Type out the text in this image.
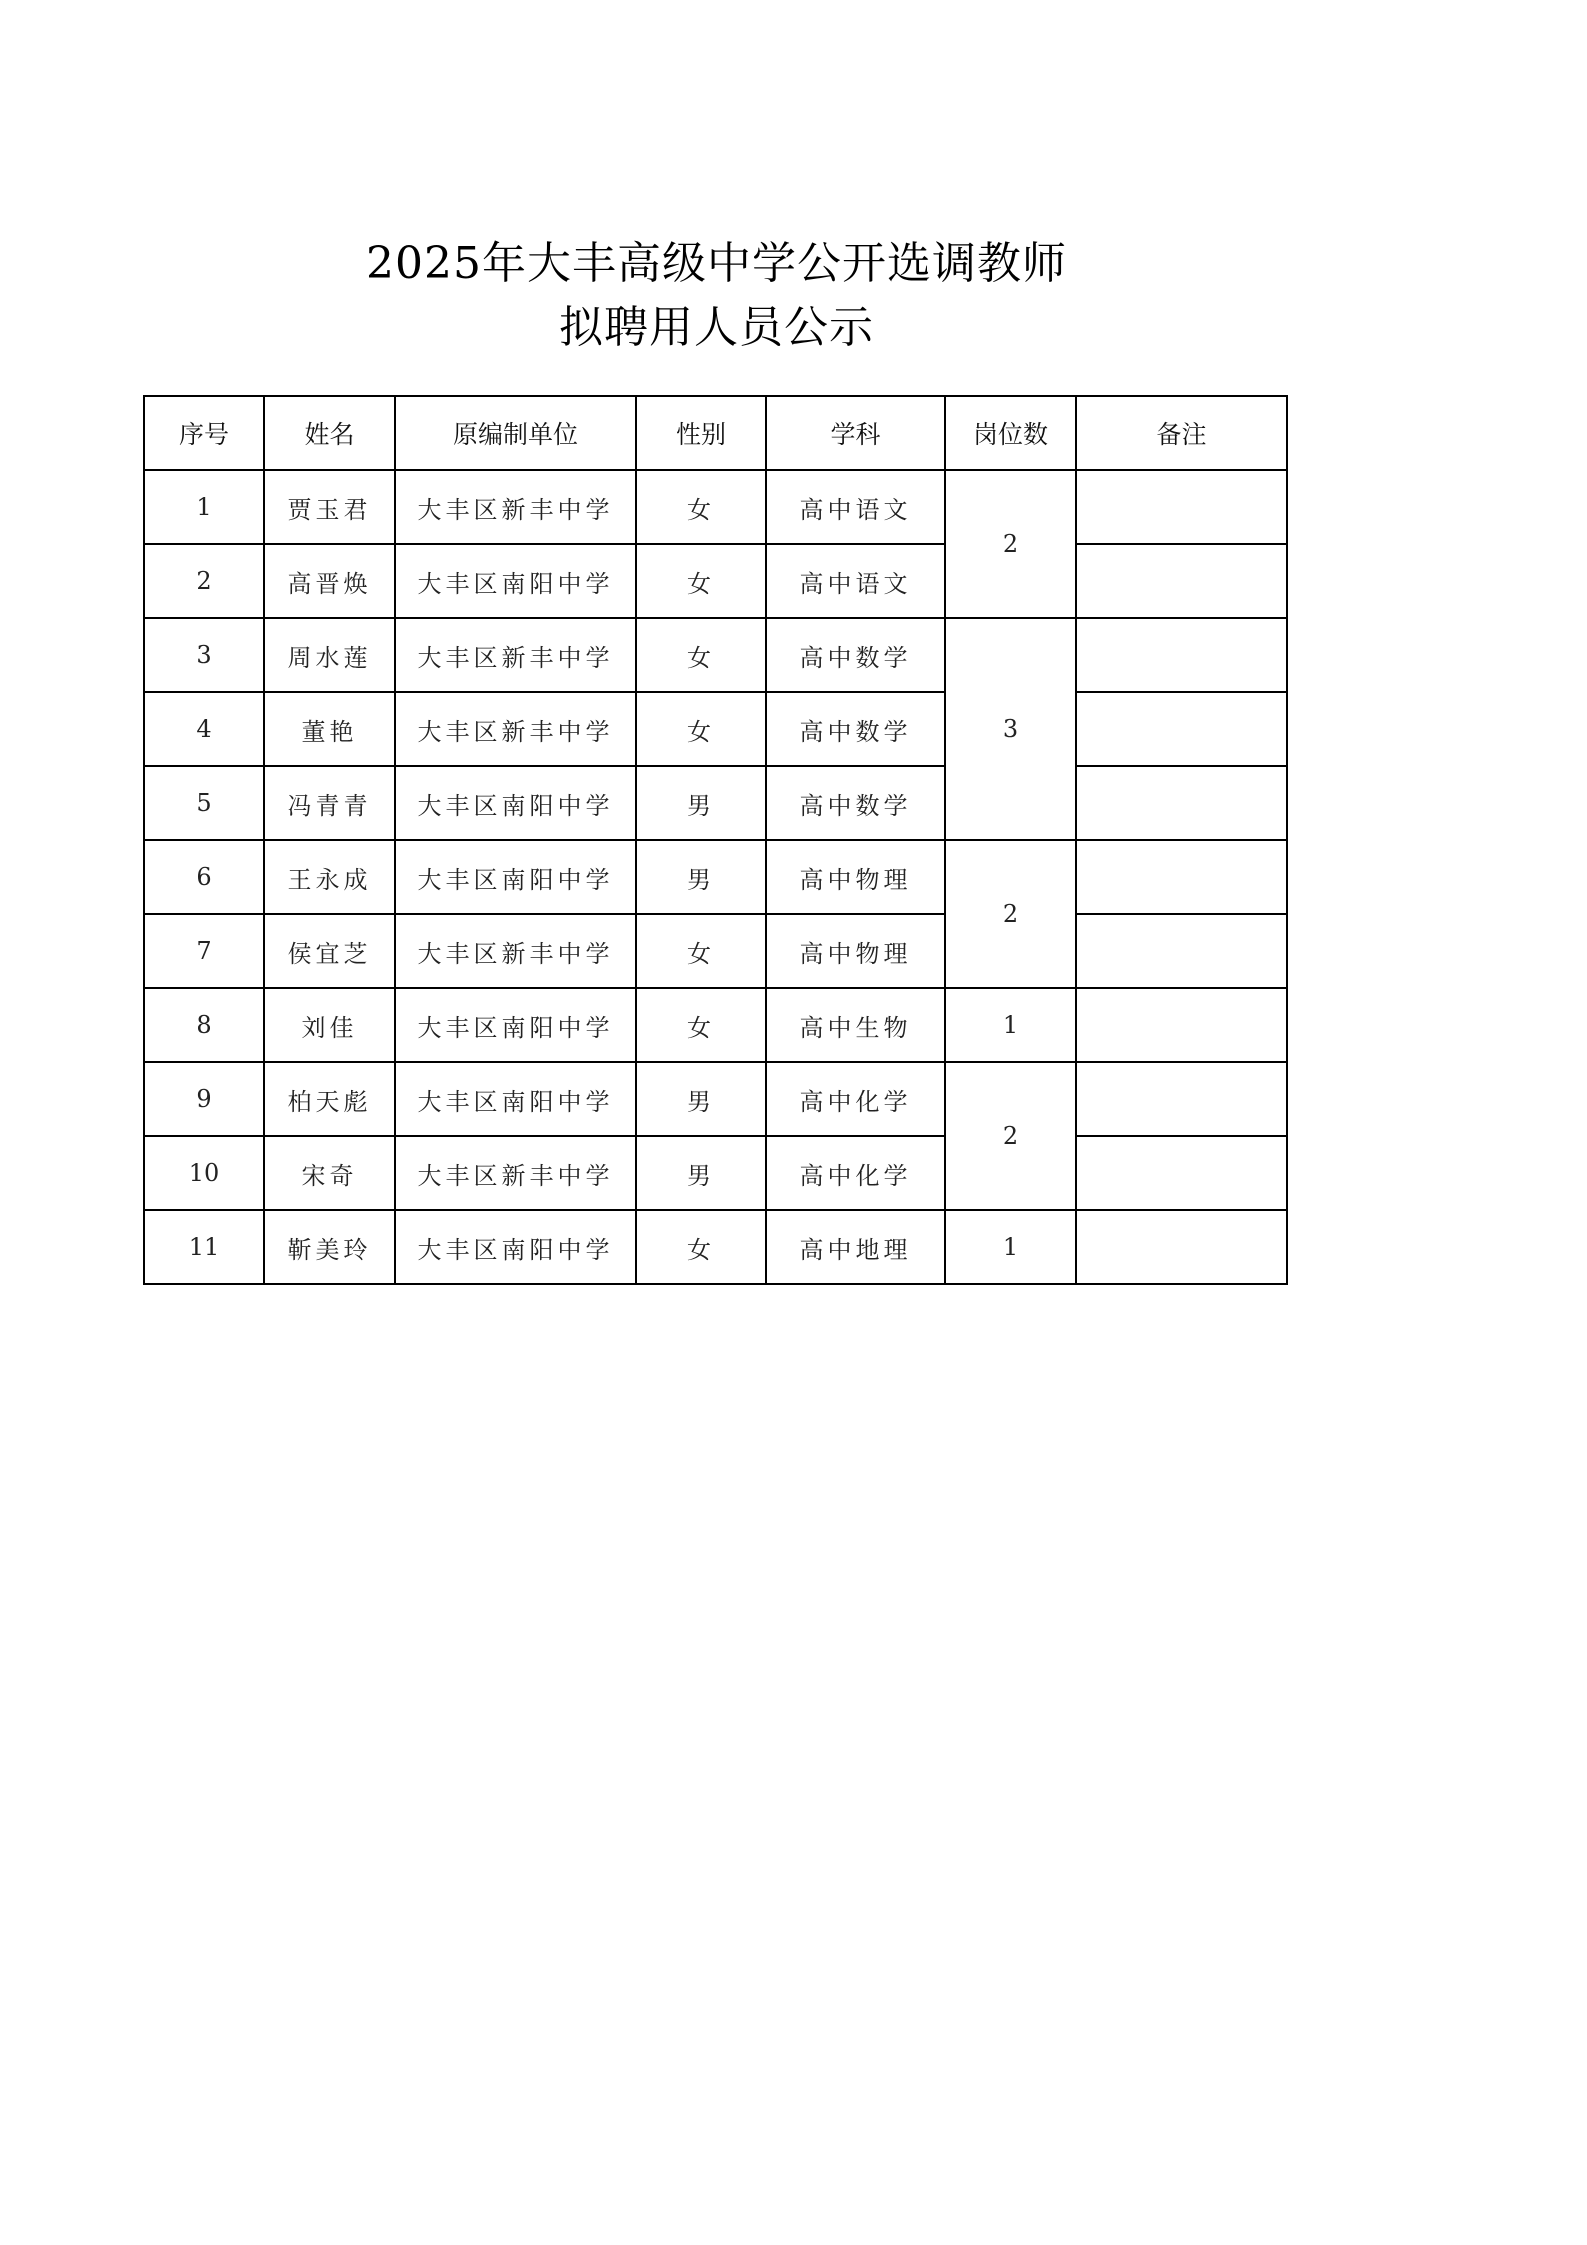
2025年大丰高级中学公开选调教师
拟聘用人员公示
序号	姓名	原编制单位	性别	学科	岗位数	备注
1	贾玉君	大丰区新丰中学	女	高中语文	2	
2	高晋焕	大丰区南阳中学	女	高中语文		
3	周水莲	大丰区新丰中学	女	高中数学	3	
4	董艳	大丰区新丰中学	女	高中数学		
5	冯青青	大丰区南阳中学	男	高中数学		
6	王永成	大丰区南阳中学	男	高中物理	2	
7	侯宜芝	大丰区新丰中学	女	高中物理		
8	刘佳	大丰区南阳中学	女	高中生物	1	
9	柏天彪	大丰区南阳中学	男	高中化学	2	
10	宋奇	大丰区新丰中学	男	高中化学		
11	靳美玲	大丰区南阳中学	女	高中地理	1	
